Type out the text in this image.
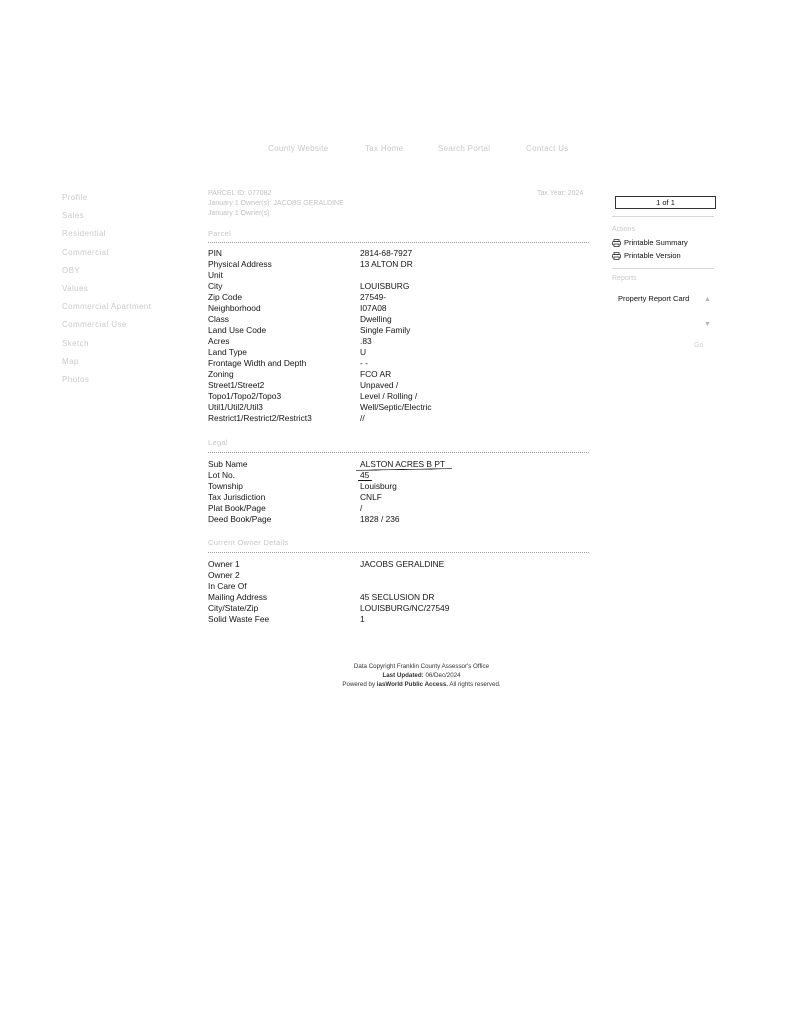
County Website	Tax Home	Search Portal	Contact Us
Profile
Sales
Residential
Commercial
OBY
Values
Commercial Apartment
Commercial Use
Sketch
Map
Photos
PARCEL ID: 077082
January 1 Owner(s): JACOBS GERALDINE
January 1 Owner(s):
Tax Year: 2024
Parcel
PIN	2814-68-7927
Physical Address	13 ALTON DR
Unit
City	LOUISBURG
Zip Code	27549-
Neighborhood	I07A08
Class	Dwelling
Land Use Code	Single Family
Acres	.83
Land Type	U
Frontage Width and Depth	- -
Zoning	FCO AR
Street1/Street2	Unpaved /
Topo1/Topo2/Topo3	Level / Rolling /
Util1/Util2/Util3	Well/Septic/Electric
Restrict1/Restrict2/Restrict3	//
Legal
Sub Name	ALSTON ACRES B PT
Lot No.	45
Township	Louisburg
Tax Jurisdiction	CNLF
Plat Book/Page	/
Deed Book/Page	1828 / 236
Current Owner Details
Owner 1	JACOBS GERALDINE
Owner 2
In Care Of
Mailing Address	45 SECLUSION DR
City/State/Zip	LOUISBURG/NC/27549
Solid Waste Fee	1
1 of 1
Actions
Printable Summary
Printable Version
Reports
Property Report Card ▲
▼
Go
Data Copyright Franklin County Assessor's Office
Last Updated: 06/Dec/2024
Powered by iasWorld Public Access. All rights reserved.
